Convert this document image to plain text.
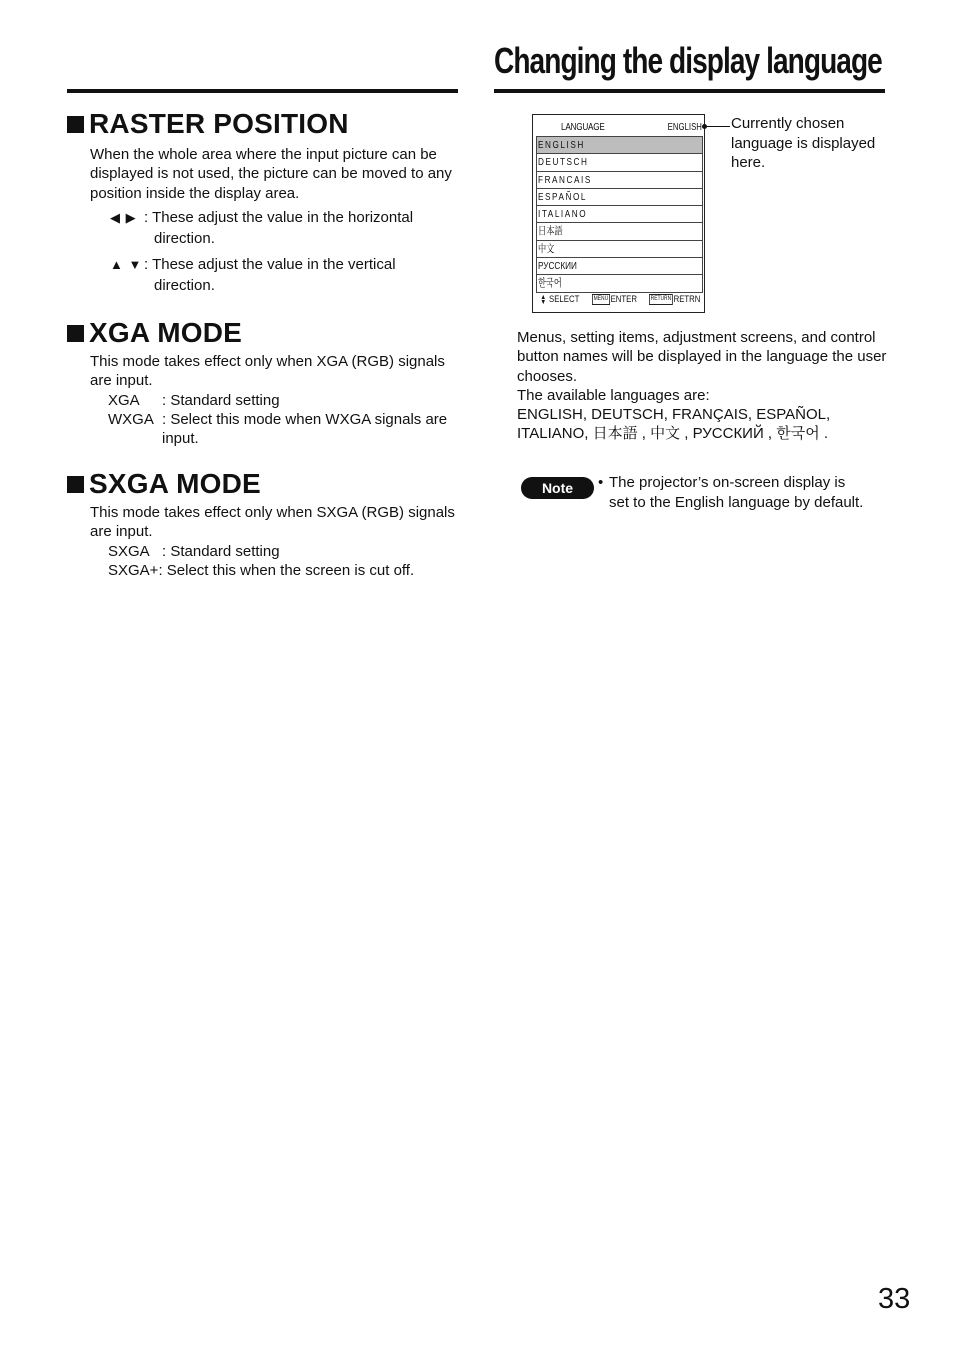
Changing the display language
RASTER POSITION

When the whole area where the input picture can be displayed is not used, the picture can be moved to any position inside the display area.

◀ ▶ : These adjust the value in the horizontal
direction.
▲ ▼ : These adjust the value in the vertical
direction.
XGA MODE

This mode takes effect only when XGA (RGB) signals are input.

XGA	: Standard setting
WXGA : Select this mode when WXGA signals are input.
SXGA MODE

This mode takes effect only when SXGA (RGB) signals are input.

SXGA : Standard setting
SXGA+ : Select this when the screen is cut off.
LANGUAGE	ENGLISH
ENGLISH
DEUTSCH
FRANCAIS
ESPAÑOL
ITALIANO
日本語
中文
РУССКИИ
한국어
▲
▼ SELECT MENU ENTER RETURN RETRN
Currently chosen language is displayed here.

Menus, setting items, adjustment screens, and control button names will be displayed in the language the user chooses.

The available languages are:

ENGLISH, DEUTSCH, FRANÇAIS, ESPAÑOL, ITALIANO, 日本語 , 中文 , РУССКИЙ , 한국어 .

Note	• The projector’s on-screen display is
set to the English language by default.
33
